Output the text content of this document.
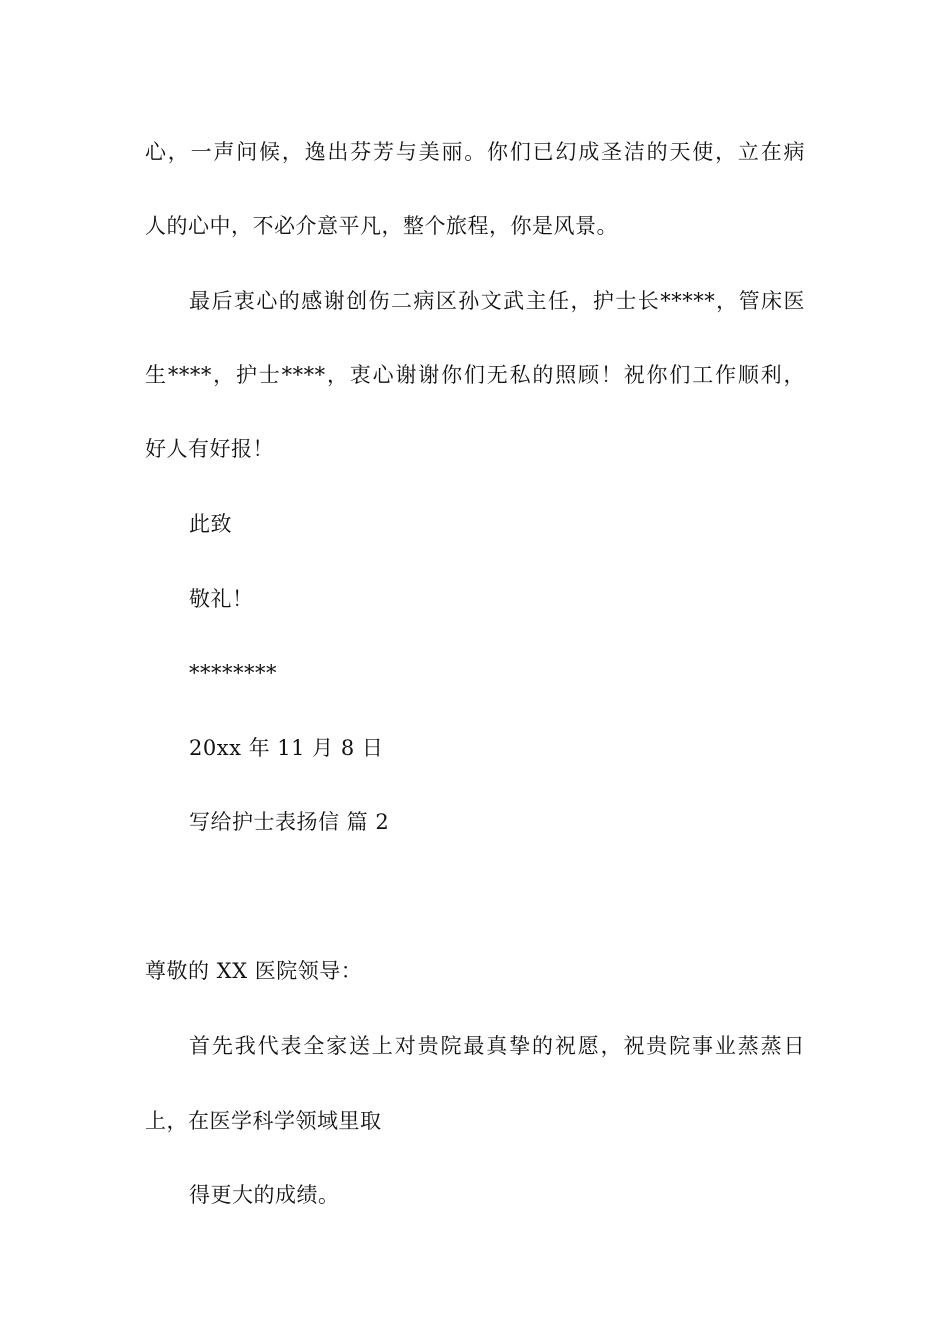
心，一声问候，逸出芬芳与美丽。你们已幻成圣洁的天使，立在病
人的心中，不必介意平凡，整个旅程，你是风景。
最后衷心的感谢创伤二病区孙文武主任，护士长*****，管床医
生****，护士****，衷心谢谢你们无私的照顾！祝你们工作顺利，
好人有好报！
此致
敬礼！
********
20xx 年 11 月 8 日
写给护士表扬信 篇 2
尊敬的 XX 医院领导：
首先我代表全家送上对贵院最真挚的祝愿，祝贵院事业蒸蒸日
上，在医学科学领域里取
得更大的成绩。
